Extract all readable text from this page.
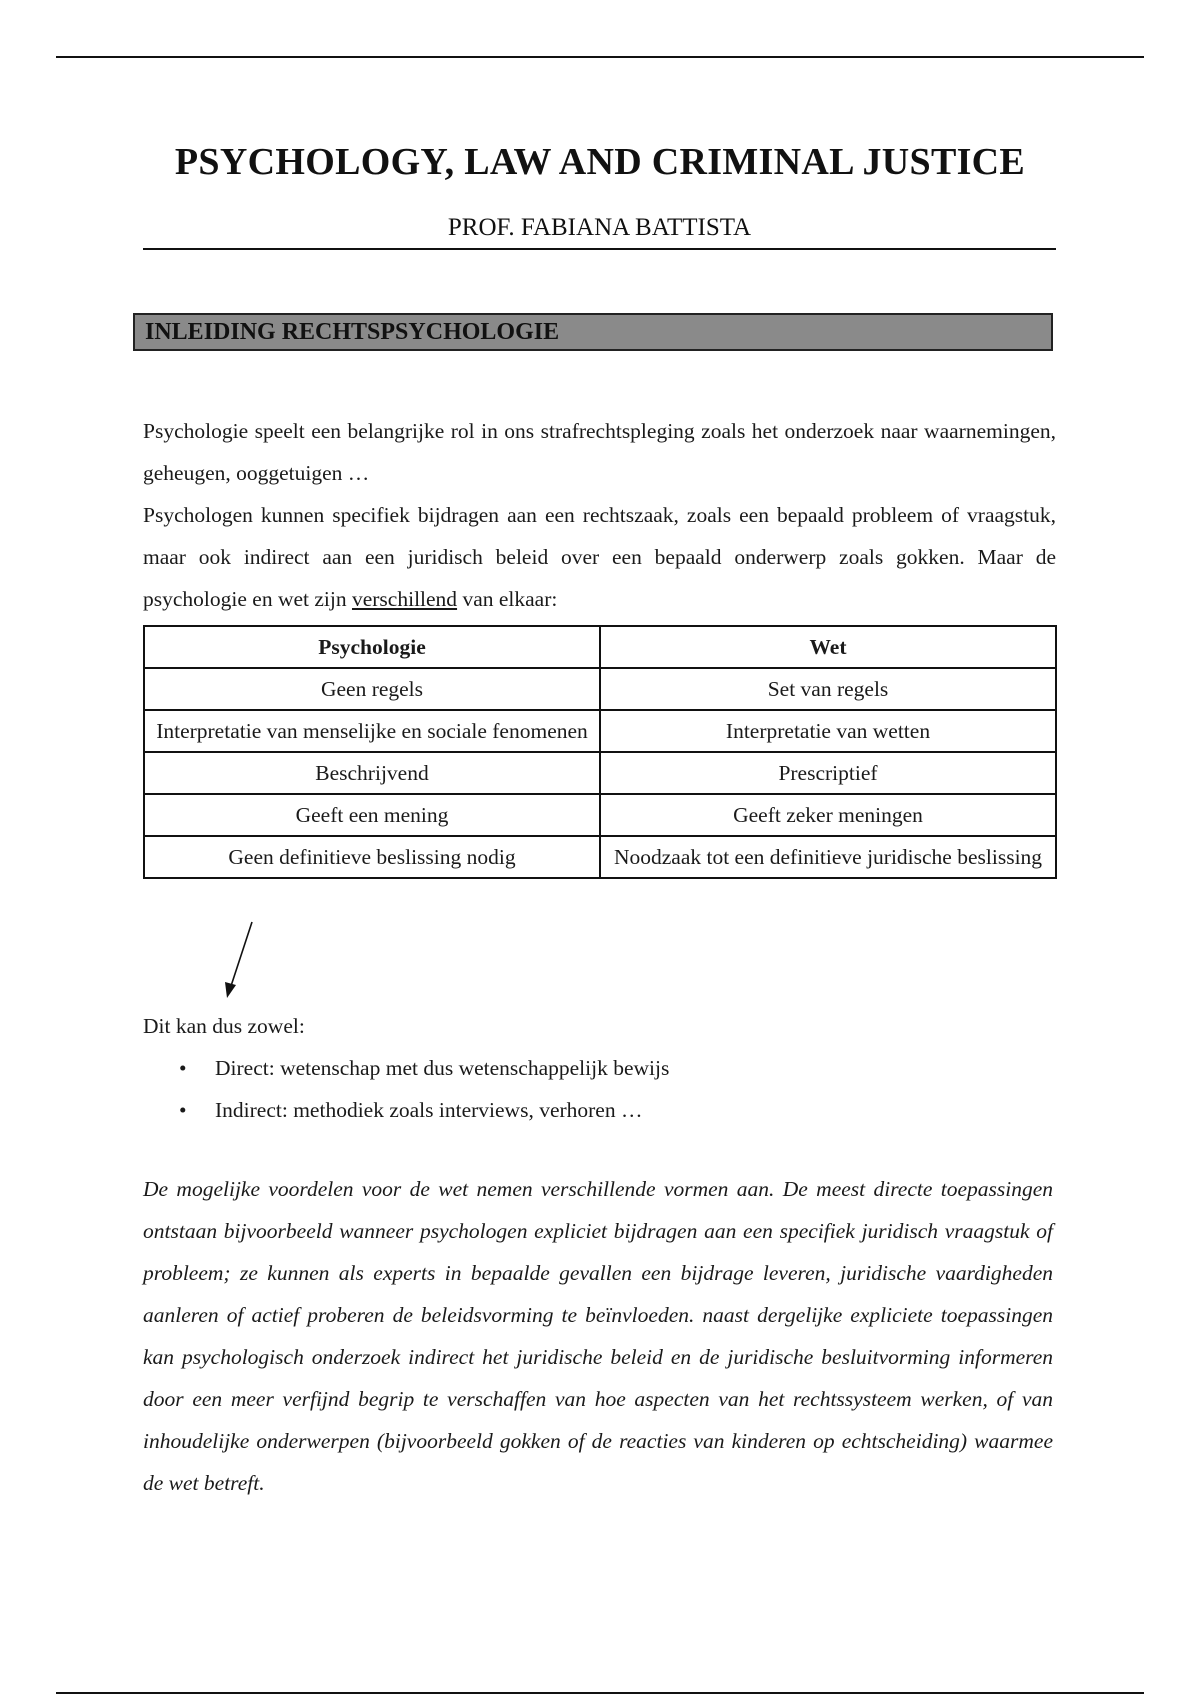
PSYCHOLOGY, LAW AND CRIMINAL JUSTICE
PROF. FABIANA BATTISTA
INLEIDING RECHTSPSYCHOLOGIE

Psychologie speelt een belangrijke rol in ons strafrechtspleging zoals het onderzoek naar waarnemingen, geheugen, ooggetuigen …

Psychologen kunnen specifiek bijdragen aan een rechtszaak, zoals een bepaald probleem of vraagstuk, maar ook indirect aan een juridisch beleid over een bepaald onderwerp zoals gokken. Maar de psychologie en wet zijn verschillend van elkaar:

Psychologie	Wet
Geen regels	Set van regels
Interpretatie van menselijke en sociale fenomenen	Interpretatie van wetten
Beschrijvend	Prescriptief
Geeft een mening	Geeft zeker meningen
Geen definitieve beslissing nodig	Noodzaak tot een definitieve juridische beslissing
Dit kan dus zowel:
• Direct: wetenschap met dus wetenschappelijk bewijs
• Indirect: methodiek zoals interviews, verhoren …
De mogelijke voordelen voor de wet nemen verschillende vormen aan. De meest directe toepassingen ontstaan bijvoorbeeld wanneer psychologen expliciet bijdragen aan een specifiek juridisch vraagstuk of probleem; ze kunnen als experts in bepaalde gevallen een bijdrage leveren, juridische vaardigheden aanleren of actief proberen de beleidsvorming te beïnvloeden. naast dergelijke expliciete toepassingen kan psychologisch onderzoek indirect het juridische beleid en de juridische besluitvorming informeren door een meer verfijnd begrip te verschaffen van hoe aspecten van het rechtssysteem werken, of van inhoudelijke onderwerpen (bijvoorbeeld gokken of de reacties van kinderen op echtscheiding) waarmee de wet betreft.
